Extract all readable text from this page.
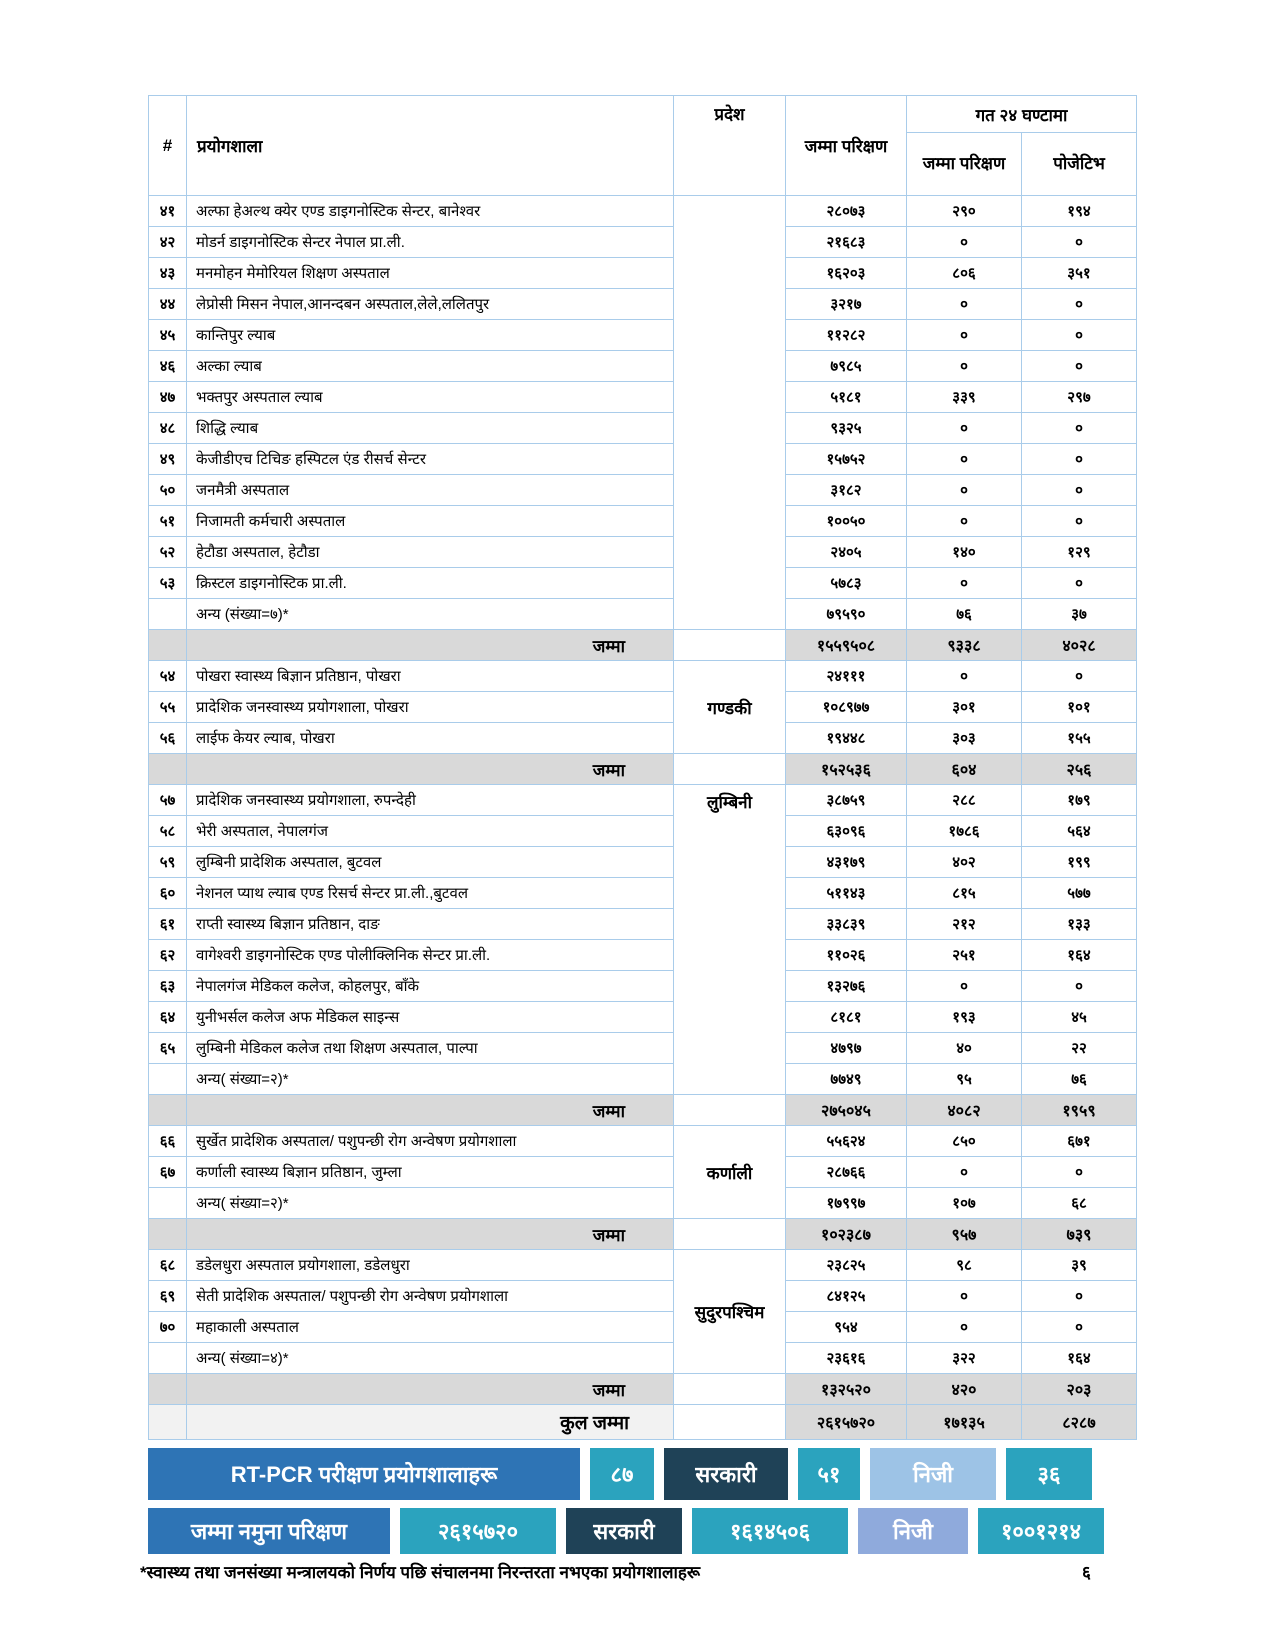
#	प्रयोगशाला	प्रदेश	जम्मा परिक्षण	गत २४ घण्टामा	
				जम्मा परिक्षण	पोजेटिभ
४१	अल्फा हेअल्थ क्येर एण्ड डाइगनोस्टिक सेन्टर, बानेश्वर		२८०७३	२९०	१९४
४२	मोडर्न डाइगनोस्टिक सेन्टर नेपाल प्रा.ली.		२१६८३	०	०
४३	मनमोहन मेमोरियल शिक्षण अस्पताल		१६२०३	८०६	३५१
४४	लेप्रोसी मिसन नेपाल,आनन्दबन अस्पताल,लेले,ललितपुर		३२१७	०	०
४५	कान्तिपुर ल्याब		११२८२	०	०
४६	अल्का ल्याब		७९८५	०	०
४७	भक्तपुर अस्पताल ल्याब		५१८१	३३९	२९७
४८	शिद्धि ल्याब		९३२५	०	०
४९	केजीडीएच टिचिङ हस्पिटल एंड रीसर्च सेन्टर		१५७५२	०	०
५०	जनमैत्री अस्पताल		३१८२	०	०
५१	निजामती कर्मचारी अस्पताल		१००५०	०	०
५२	हेटौडा अस्पताल, हेटौडा		२४०५	१४०	१२९
५३	क्रिस्टल डाइगनोस्टिक प्रा.ली.		५७८३	०	०
	अन्य (संख्या=७)*		७९५९०	७६	३७
	जम्मा		१५५९५०८	९३३८	४०२८
५४	पोखरा स्वास्थ्य बिज्ञान प्रतिष्ठान, पोखरा	गण्डकी	२४१११	०	०
५५	प्रादेशिक जनस्वास्थ्य प्रयोगशाला, पोखरा		१०८९७७	३०१	१०१
५६	लाईफ केयर ल्याब, पोखरा		१९४४८	३०३	१५५
	जम्मा		१५२५३६	६०४	२५६
५७	प्रादेशिक जनस्वास्थ्य प्रयोगशाला, रुपन्देही	लुम्बिनी	३८७५९	२८८	१७९
५८	भेरी अस्पताल, नेपालगंज		६३०९६	१७८६	५६४
५९	लुम्बिनी प्रादेशिक अस्पताल, बुटवल		४३१७९	४०२	१९९
६०	नेशनल प्याथ ल्याब एण्ड रिसर्च सेन्टर प्रा.ली.,बुटवल		५११४३	८१५	५७७
६१	राप्ती स्वास्थ्य बिज्ञान प्रतिष्ठान, दाङ		३३८३९	२१२	१३३
६२	वागेश्वरी डाइगनोस्टिक एण्ड पोलीक्लिनिक सेन्टर प्रा.ली.		११०२६	२५१	१६४
६३	नेपालगंज मेडिकल कलेज, कोहलपुर, बाँके		१३२७६	०	०
६४	युनीभर्सल कलेज अफ मेडिकल साइन्स		८१८१	१९३	४५
६५	लुम्बिनी मेडिकल कलेज तथा शिक्षण अस्पताल, पाल्पा		४७९७	४०	२२
	अन्य( संख्या=२)*		७७४९	९५	७६
	जम्मा		२७५०४५	४०८२	१९५९
६६	सुर्खेत प्रादेशिक अस्पताल/ पशुपन्छी रोग अन्वेषण प्रयोगशाला	कर्णाली	५५६२४	८५०	६७१
६७	कर्णाली स्वास्थ्य बिज्ञान प्रतिष्ठान, जुम्ला		२८७६६	०	०
	अन्य( संख्या=२)*		१७९९७	१०७	६८
	जम्मा		१०२३८७	९५७	७३९
६८	डडेलधुरा अस्पताल प्रयोगशाला, डडेलधुरा	सुदुरपश्चिम	२३८२५	९८	३९
६९	सेती प्रादेशिक अस्पताल/ पशुपन्छी रोग अन्वेषण प्रयोगशाला		८४१२५	०	०
७०	महाकाली अस्पताल		९५४	०	०
	अन्य( संख्या=४)*		२३६१६	३२२	१६४
	जम्मा		१३२५२०	४२०	२०३
	कुल जम्मा		२६१५७२०	१७१३५	८२८७
RT-PCR परीक्षण प्रयोगशालाहरू	८७	सरकारी	५१	निजी	३६
जम्मा नमुना परिक्षण	२६१५७२०	सरकारी	१६१४५०६	निजी	१००१२१४
*स्वास्थ्य तथा जनसंख्या मन्त्रालयको निर्णय पछि संचालनमा निरन्तरता नभएका प्रयोगशालाहरू	६
